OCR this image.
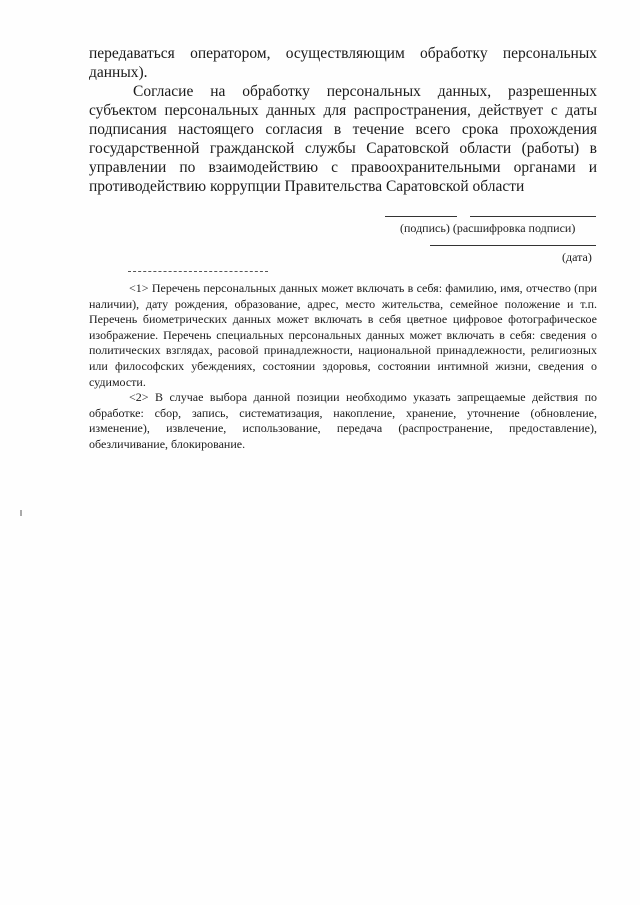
передаваться оператором, осуществляющим обработку персональных
данных).
Согласие на обработку персональных данных, разрешенных субъектом персональных данных для распространения, действует с даты подписания настоящего согласия в течение всего срока прохождения государственной гражданской службы Саратовской области (работы) в управлении по взаимодействию с правоохранительными органами и противодействию коррупции Правительства Саратовской области
(подпись) (расшифровка подписи)
(дата)

<1> Перечень персональных данных может включать в себя: фамилию, имя, отчество (при наличии), дату рождения, образование, адрес, место жительства, семейное положение и т.п. Перечень биометрических данных может включать в себя цветное цифровое фотографическое изображение. Перечень специальных персональных данных может включать в себя: сведения о политических взглядах, расовой принадлежности, национальной принадлежности, религиозных или философских убеждениях, состоянии здоровья, состоянии интимной жизни, сведения о судимости.

<2> В случае выбора данной позиции необходимо указать запрещаемые действия по обработке: сбор, запись, систематизация, накопление, хранение, уточнение (обновление, изменение), извлечение, использование, передача (распространение, предоставление), обезличивание, блокирование.
